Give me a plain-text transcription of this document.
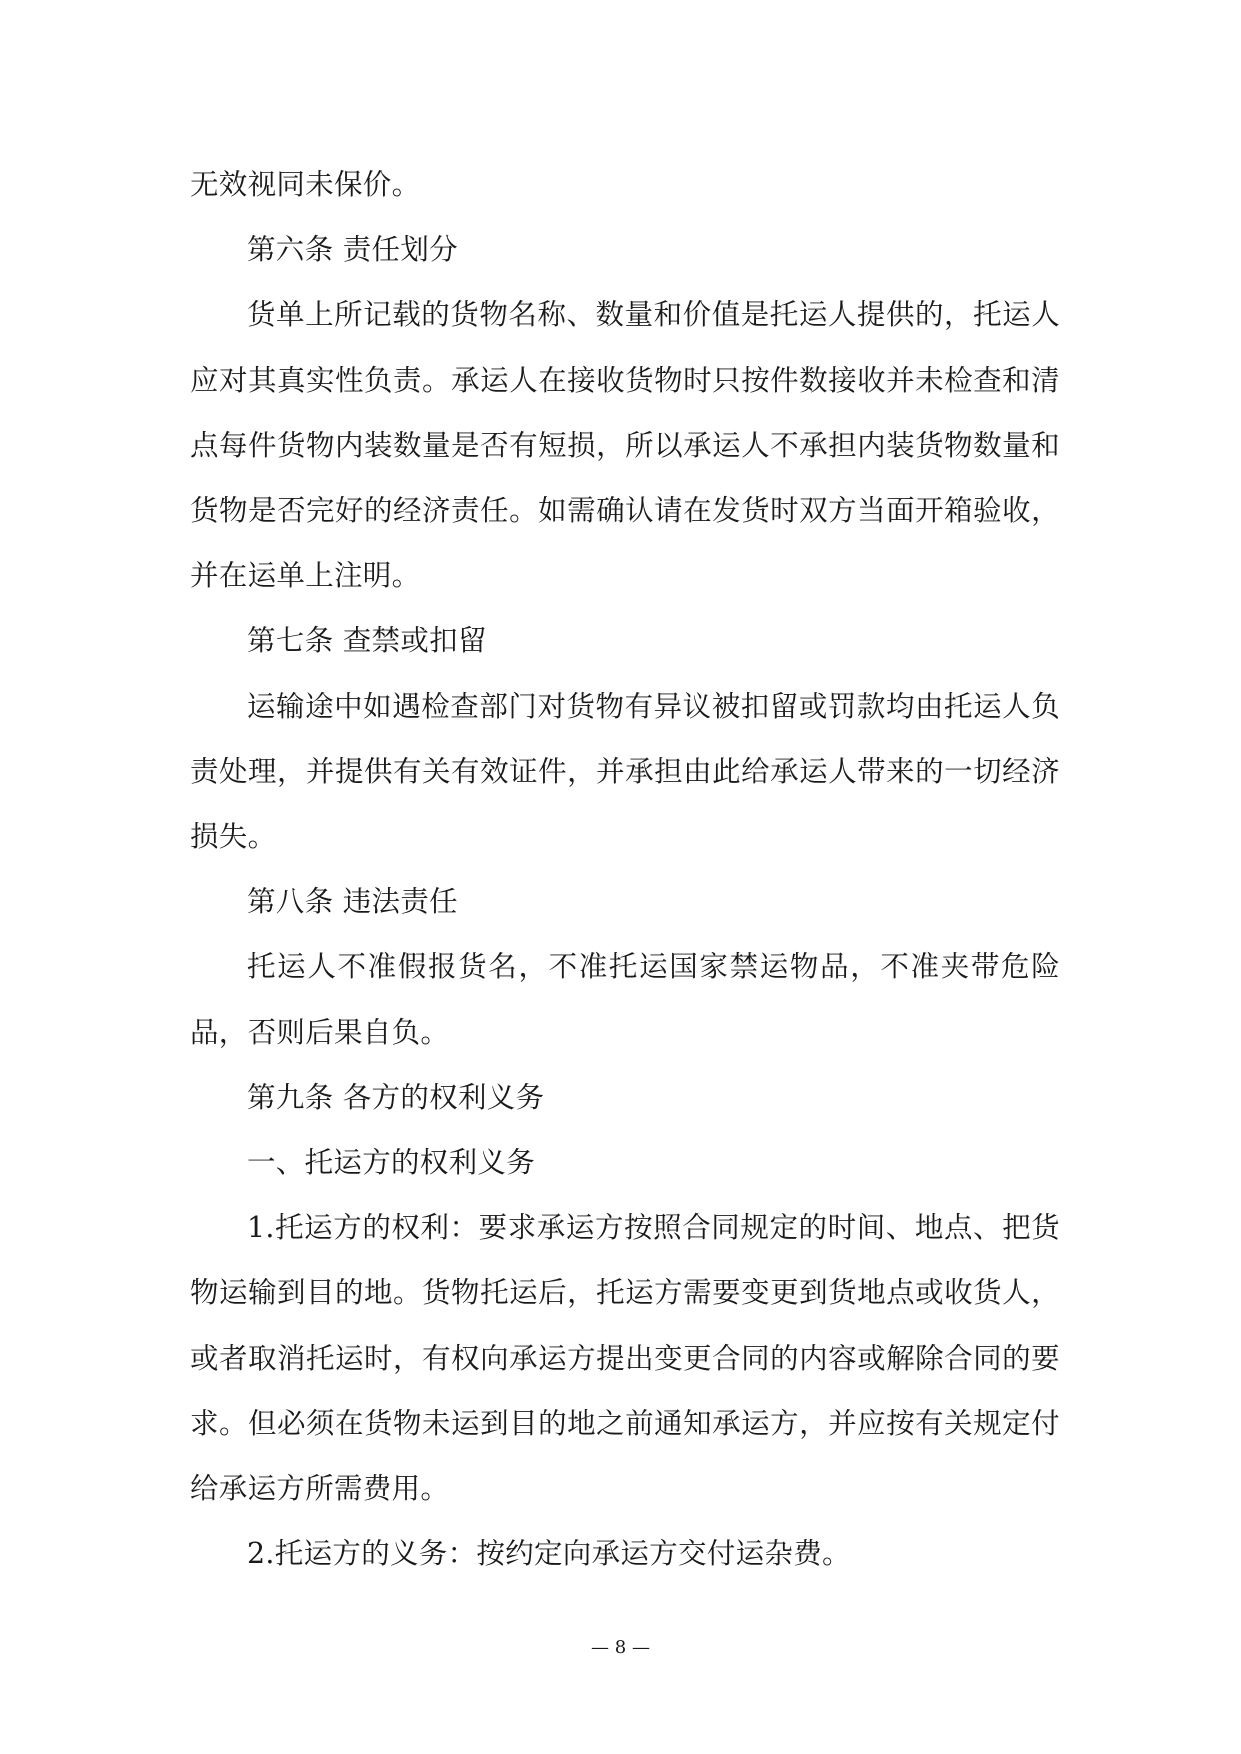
无效视同未保价。

第六条 责任划分

货单上所记载的货物名称、数量和价值是托运人提供的，托运人应对其真实性负责。承运人在接收货物时只按件数接收并未检查和清点每件货物内装数量是否有短损，所以承运人不承担内装货物数量和货物是否完好的经济责任。如需确认请在发货时双方当面开箱验收，并在运单上注明。

第七条 查禁或扣留

运输途中如遇检查部门对货物有异议被扣留或罚款均由托运人负责处理，并提供有关有效证件，并承担由此给承运人带来的一切经济损失。

第八条 违法责任

托运人不准假报货名，不准托运国家禁运物品，不准夹带危险品，否则后果自负。

第九条 各方的权利义务

一、托运方的权利义务

1.托运方的权利：要求承运方按照合同规定的时间、地点、把货物运输到目的地。货物托运后，托运方需要变更到货地点或收货人，或者取消托运时，有权向承运方提出变更合同的内容或解除合同的要求。但必须在货物未运到目的地之前通知承运方，并应按有关规定付给承运方所需费用。

2.托运方的义务：按约定向承运方交付运杂费。

— 8 —
